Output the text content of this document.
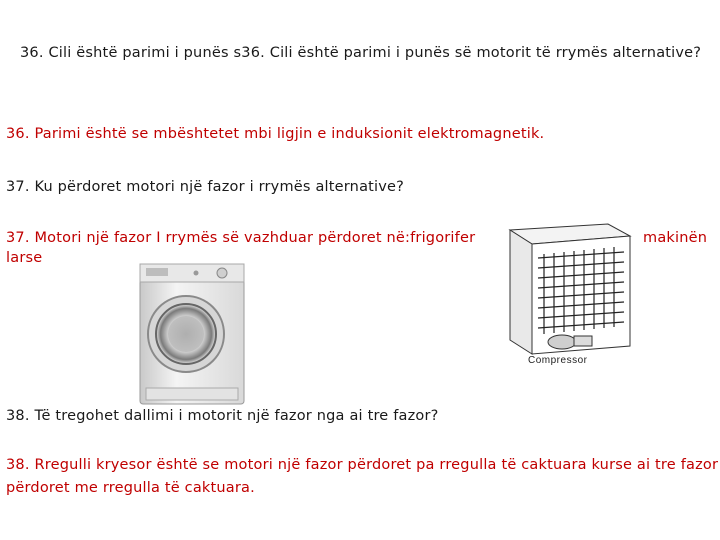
36. Cili është parimi i punës s36. Cili është parimi i punës së motorit të rrymës alternative?
36. Parimi është se mbështetet mbi ligjin e induksionit elektromagnetik.
37. Ku përdoret motori një fazor i rrymës alternative?
37. Motori një fazor I rrymës së vazhduar përdoret në:frigorifer
larse
Compressor
makinën
38. Të tregohet dallimi i motorit një fazor nga ai tre fazor?
38. Rregulli kryesor është se motori një fazor përdoret pa rregulla të caktuara kurse ai tre fazor
përdoret me rregulla të caktuara.
